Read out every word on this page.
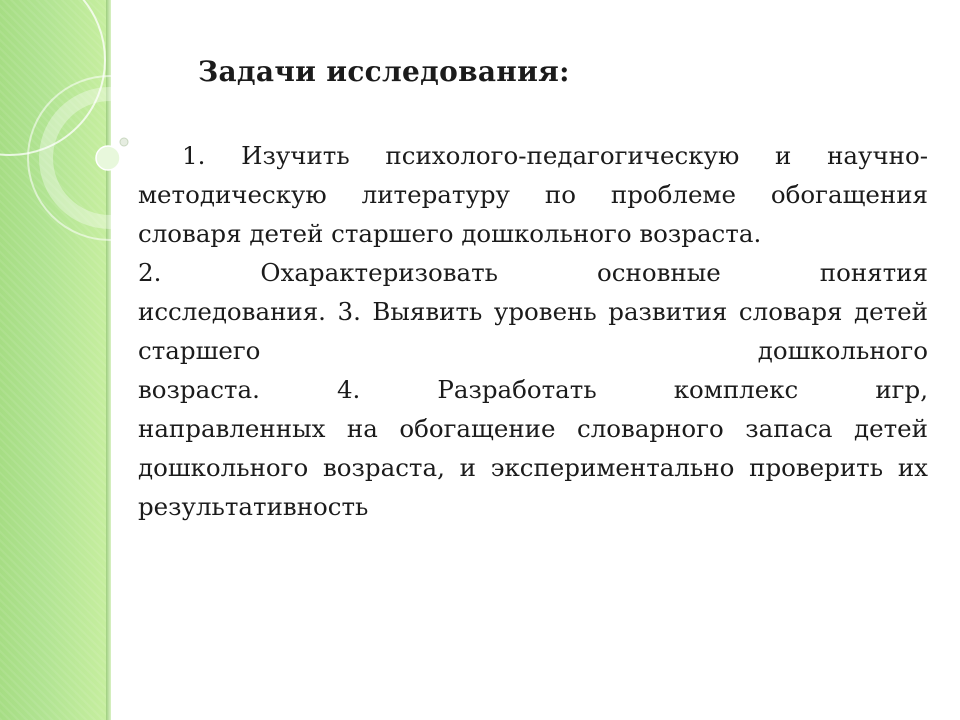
Задачи исследования:

1. Изучить психолого-педагогическую и научно-методическую литературу по проблеме обогащения словаря детей старшего дошкольного возраста.

2.	Охарактеризовать	основные	понятия
исследования. 3. Выявить уровень развития словаря детей старшего дошкольного
возраста.	4. Разработать комплекс игр,

направленных на обогащение словарного запаса детей дошкольного возраста, и экспериментально проверить их результативность
